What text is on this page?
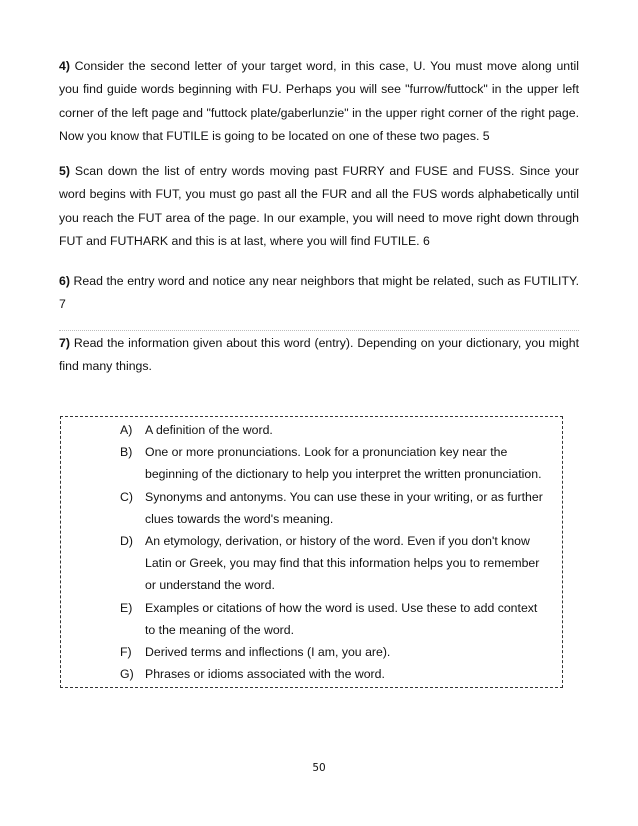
4) Consider the second letter of your target word, in this case, U. You must move along until you find guide words beginning with FU. Perhaps you will see "furrow/futtock" in the upper left corner of the left page and "futtock plate/gaberlunzie" in the upper right corner of the right page. Now you know that FUTILE is going to be located on one of these two pages. 5

5) Scan down the list of entry words moving past FURRY and FUSE and FUSS. Since your word begins with FUT, you must go past all the FUR and all the FUS words alphabetically until you reach the FUT area of the page. In our example, you will need to move right down through FUT and FUTHARK and this is at last, where you will find FUTILE. 6

6) Read the entry word and notice any near neighbors that might be related, such as FUTILITY. 7

7) Read the information given about this word (entry). Depending on your dictionary, you might find many things.

A)	A definition of the word.
B)	One or more pronunciations. Look for a pronunciation key near the beginning of the dictionary to help you interpret the written pronunciation.
C) Synonyms and antonyms. You can use these in your writing, or as further clues towards the word's meaning.
D) An etymology, derivation, or history of the word. Even if you don't know Latin or Greek, you may find that this information helps you to remember or understand the word.
E)	Examples or citations of how the word is used. Use these to add context to the meaning of the word.
F)	Derived terms and inflections (I am, you are).
G) Phrases or idioms associated with the word.
50
